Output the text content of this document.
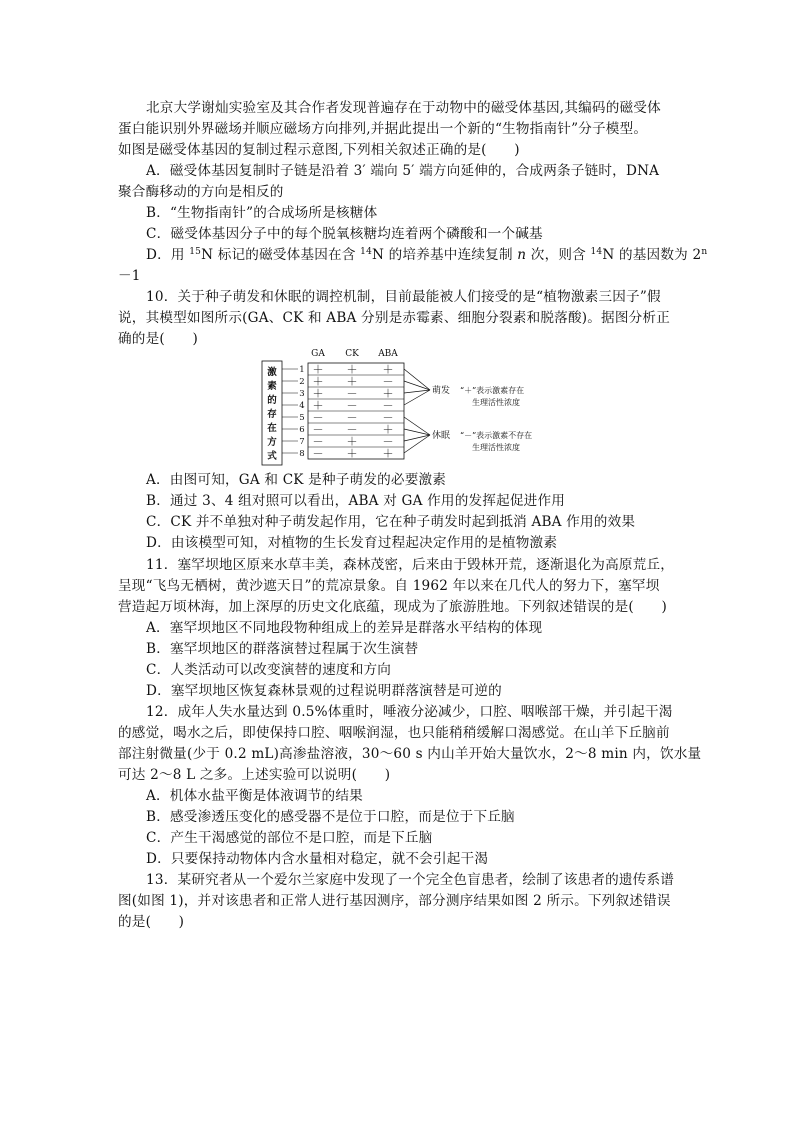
北京大学谢灿实验室及其合作者发现普遍存在于动物中的磁受体基因,其编码的磁受体
蛋白能识别外界磁场并顺应磁场方向排列,并据此提出一个新的“生物指南针”分子模型。
如图是磁受体基因的复制过程示意图,下列相关叙述正确的是(　　)
A．磁受体基因复制时子链是沿着 3′ 端向 5′ 端方向延伸的，合成两条子链时，DNA
聚合酶移动的方向是相反的
B．“生物指南针”的合成场所是核糖体
C．磁受体基因分子中的每个脱氧核糖均连着两个磷酸和一个碱基
D．用 $^{15}$N 标记的磁受体基因在含 $^{14}$N 的培养基中连续复制 n 次，则含 $^{14}$N 的基因数为 $2^n$
－1
10．关于种子萌发和休眠的调控机制，目前最能被人们接受的是“植物激素三因子”假
说，其模型如图所示(GA、CK 和 ABA 分别是赤霉素、细胞分裂素和脱落酸)。据图分析正
确的是(　　)
GA CK ABA
激
素
的
存
在
方
式
1 ＋ ＋ ＋
2 ＋ ＋ －
3 ＋ － ＋
4 ＋ － －
5 － － －
6 － － ＋
7 － ＋ －
8 － ＋ ＋
萌发
休眠
“＋”表示激素存在
生理活性浓度
“－”表示激素不存在
生理活性浓度
A．由图可知，GA 和 CK 是种子萌发的必要激素
B．通过 3、4 组对照可以看出，ABA 对 GA 作用的发挥起促进作用
C．CK 并不单独对种子萌发起作用，它在种子萌发时起到抵消 ABA 作用的效果
D．由该模型可知，对植物的生长发育过程起决定作用的是植物激素
11．塞罕坝地区原来水草丰美，森林茂密，后来由于毁林开荒，逐渐退化为高原荒丘，
呈现“飞鸟无栖树，黄沙遮天日”的荒凉景象。自 1962 年以来在几代人的努力下，塞罕坝
营造起万顷林海，加上深厚的历史文化底蕴，现成为了旅游胜地。下列叙述错误的是(　　)
A．塞罕坝地区不同地段物种组成上的差异是群落水平结构的体现
B．塞罕坝地区的群落演替过程属于次生演替
C．人类活动可以改变演替的速度和方向
D．塞罕坝地区恢复森林景观的过程说明群落演替是可逆的
12．成年人失水量达到 0.5%体重时，唾液分泌减少，口腔、咽喉部干燥，并引起干渴
的感觉，喝水之后，即使保持口腔、咽喉润湿，也只能稍稍缓解口渴感觉。在山羊下丘脑前
部注射微量(少于 0.2 mL)高渗盐溶液，30～60 s 内山羊开始大量饮水，2～8 min 内，饮水量
可达 2～8 L 之多。上述实验可以说明(　　)
A．机体水盐平衡是体液调节的结果
B．感受渗透压变化的感受器不是位于口腔，而是位于下丘脑
C．产生干渴感觉的部位不是口腔，而是下丘脑
D．只要保持动物体内含水量相对稳定，就不会引起干渴
13．某研究者从一个爱尔兰家庭中发现了一个完全色盲患者，绘制了该患者的遗传系谱
图(如图 1)，并对该患者和正常人进行基因测序，部分测序结果如图 2 所示。下列叙述错误
的是(　　)
